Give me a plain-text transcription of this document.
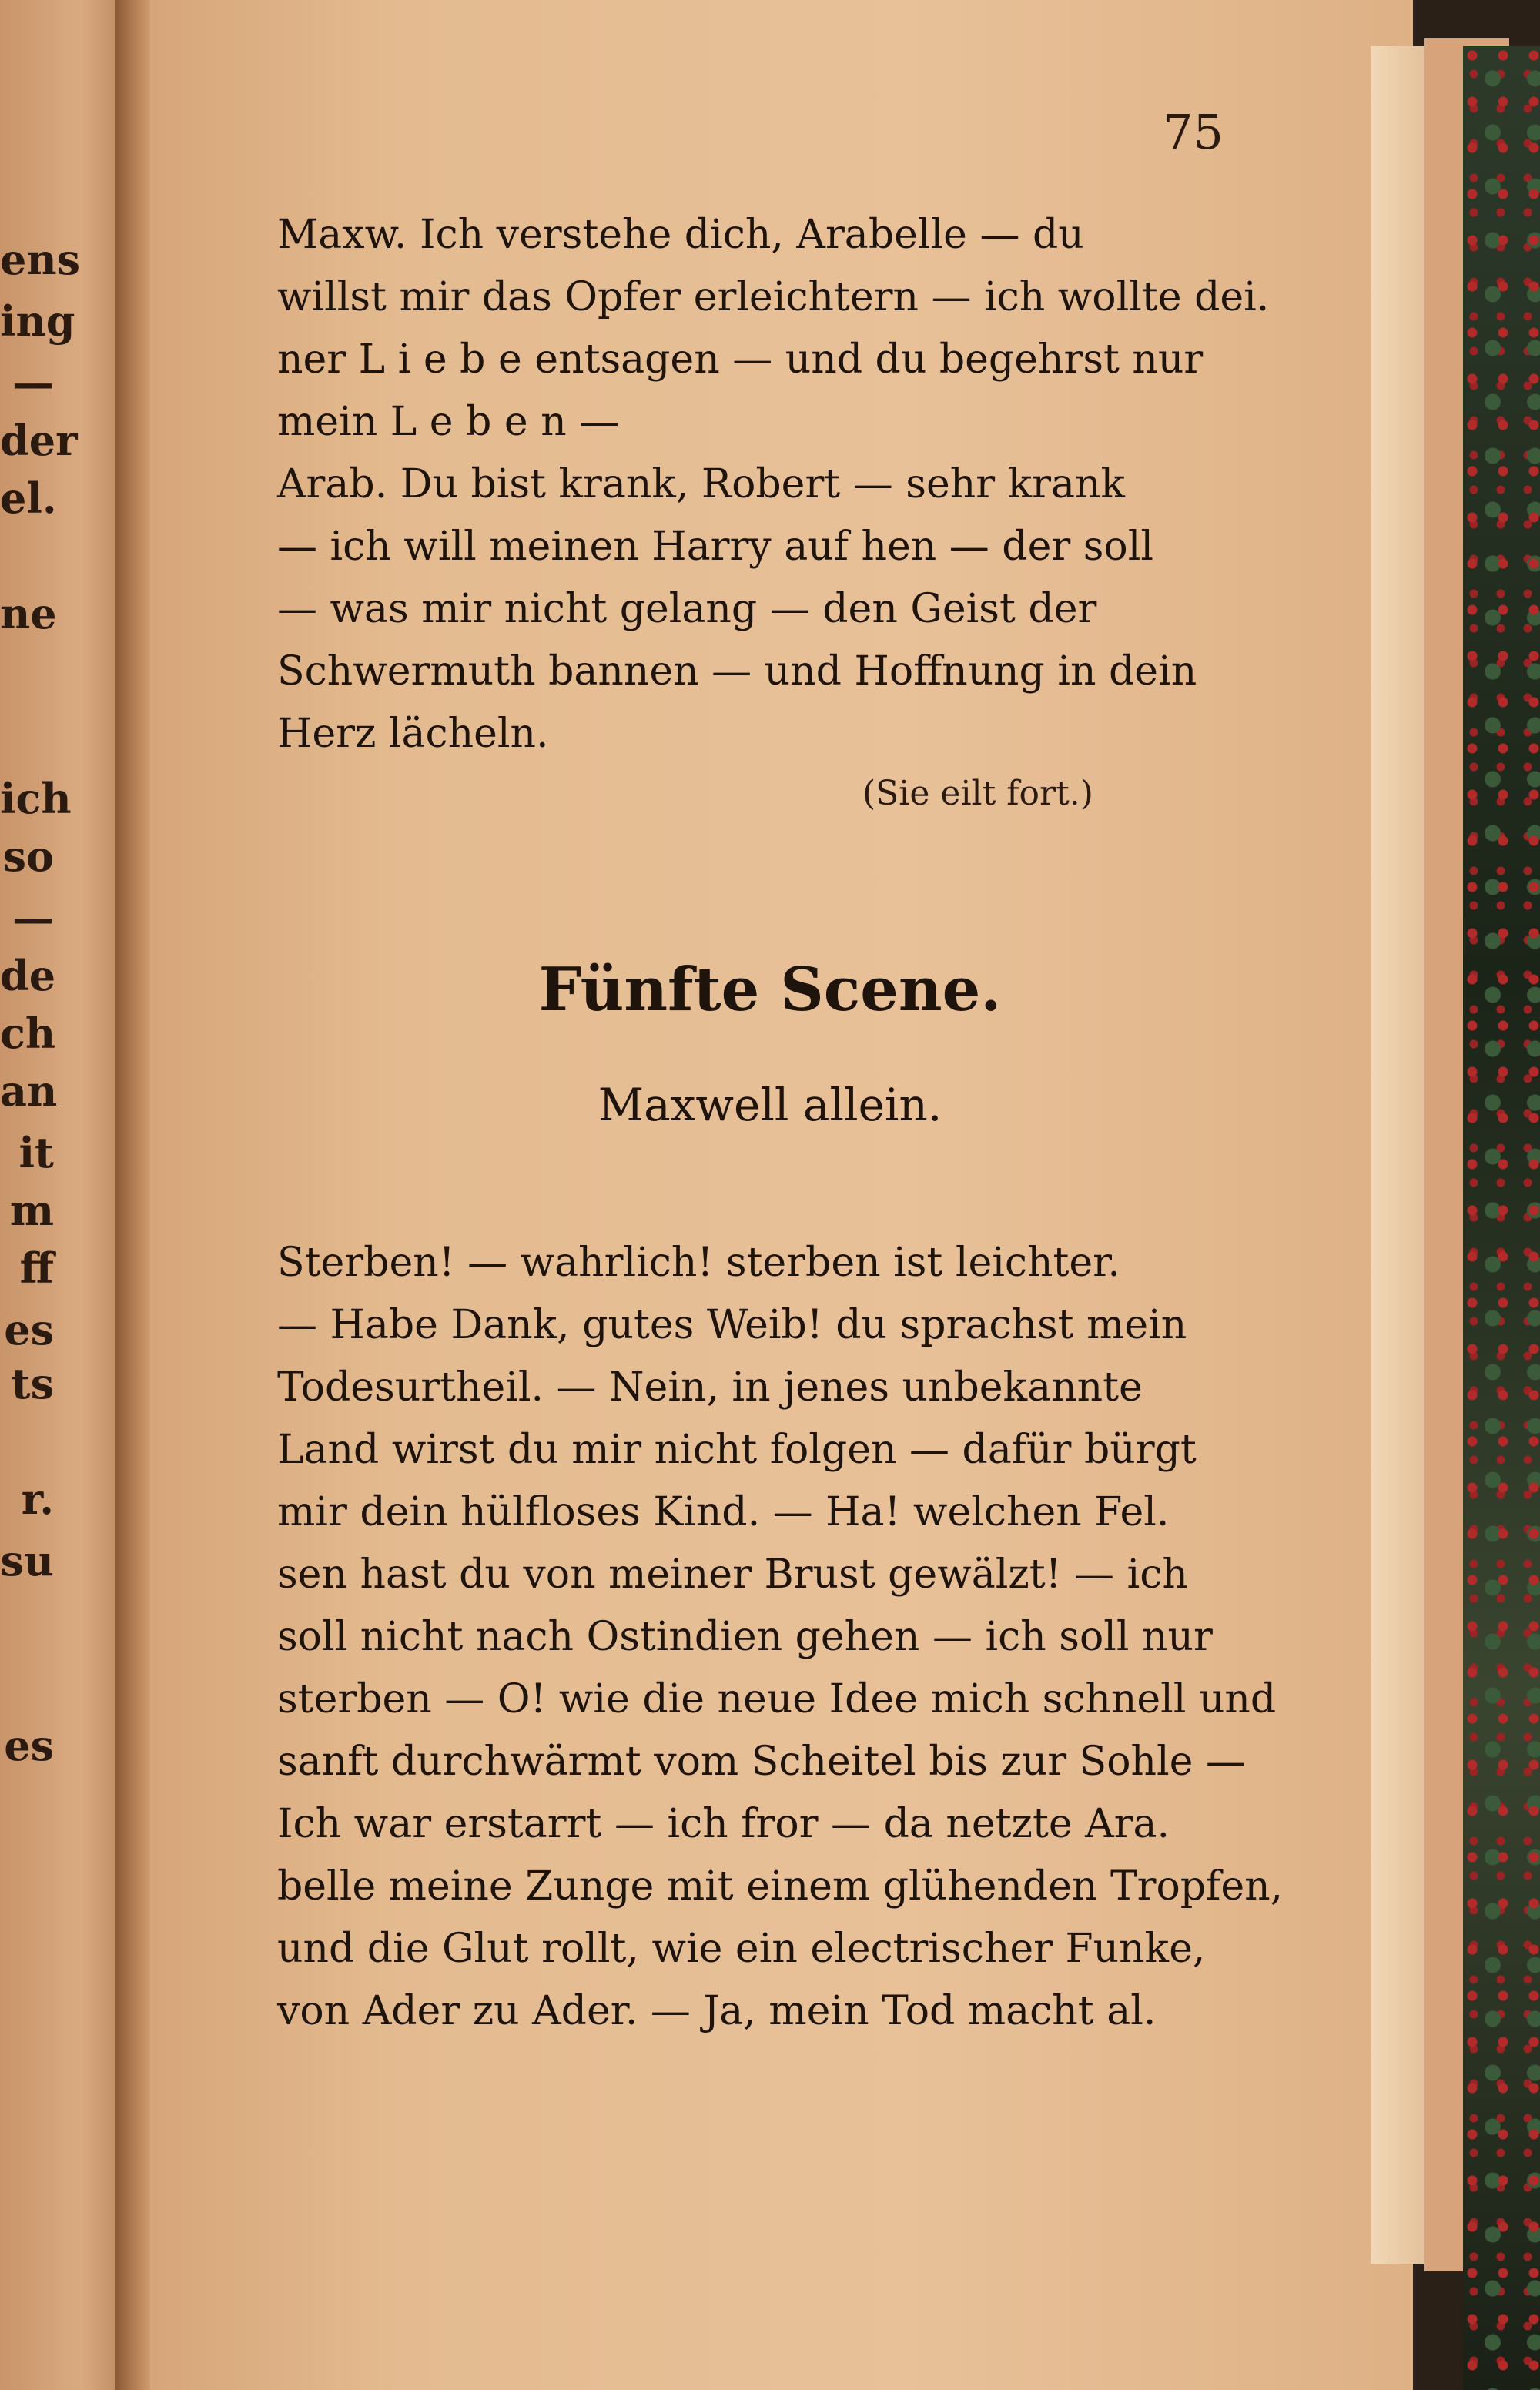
ens
ing
—
der
el.
ne
ich
so
—
de
ch
an
it
m
ff
es
ts
r.
su
es
75
Maxw. Ich verstehe dich, Arabelle — du
willst mir das Opfer erleichtern — ich wollte dei.
ner L i e b e entsagen — und du begehrst nur
mein L e b e n —
Arab. Du bist krank, Robert — sehr krank
— ich will meinen Harry auf hen — der soll
— was mir nicht gelang — den Geist der
Schwermuth bannen — und Hoffnung in dein
Herz lächeln.
(Sie eilt fort.)
Fünfte Scene.
Maxwell allein.
Sterben! — wahrlich! sterben ist leichter.
— Habe Dank, gutes Weib! du sprachst mein
Todesurtheil. — Nein, in jenes unbekannte
Land wirst du mir nicht folgen — dafür bürgt
mir dein hülfloses Kind. — Ha! welchen Fel.
sen hast du von meiner Brust gewälzt! — ich
soll nicht nach Ostindien gehen — ich soll nur
sterben — O! wie die neue Idee mich schnell und
sanft durchwärmt vom Scheitel bis zur Sohle —
Ich war erstarrt — ich fror — da netzte Ara.
belle meine Zunge mit einem glühenden Tropfen,
und die Glut rollt, wie ein electrischer Funke,
von Ader zu Ader. — Ja, mein Tod macht al.
